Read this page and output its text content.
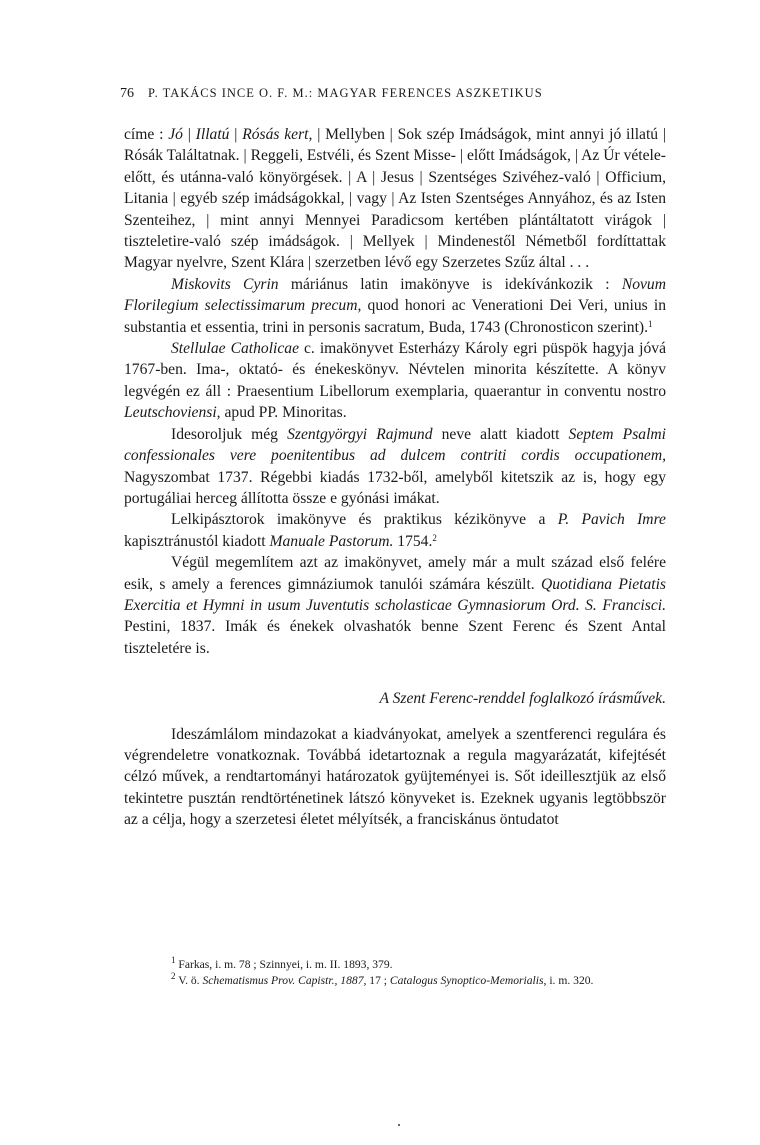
76 P. TAKÁCS INCE O. F. M.: MAGYAR FERENCES ASZKETIKUS

címe : Jó | Illatú | Rósás kert, | Mellyben | Sok szép Imádságok, mint annyi jó illatú | Rósák Találtatnak. | Reggeli, Estvéli, és Szent Misse- | előtt Imádságok, | Az Úr vétele-előtt, és utánna-való könyörgések. | A | Jesus | Szentséges Szivéhez-való | Officium, Litania | egyéb szép imádságokkal, | vagy | Az Isten Szentséges Annyához, és az Isten Szenteihez, | mint annyi Mennyei Paradicsom kertében plántáltatott virágok | tiszteletire-való szép imádságok. | Mellyek | Mindenestől Németből fordíttattak Magyar nyelvre, Szent Klára | szerzetben lévő egy Szerzetes Szűz által . . .

Miskovits Cyrin máriánus latin imakönyve is idekívánkozik : Novum Florilegium selectissimarum precum, quod honori ac Venerationi Dei Veri, unius in substantia et essentia, trini in personis sacratum, Buda, 1743 (Chronosticon szerint).$^1$

Stellulae Catholicae c. imakönyvet Esterházy Károly egri püspök hagyja jóvá 1767-ben. Ima-, oktató- és énekeskönyv. Névtelen minorita készítette. A könyv legvégén ez áll : Praesentium Libellorum exemplaria, quaerantur in conventu nostro Leutschoviensi, apud PP. Minoritas.

Idesoroljuk még Szentgyörgyi Rajmund neve alatt kiadott Septem Psalmi confessionales vere poenitentibus ad dulcem contriti cordis occupationem, Nagyszombat 1737. Régebbi kiadás 1732-ből, amelyből kitetszik az is, hogy egy portugáliai herceg állította össze e gyónási imákat.

Lelkipásztorok imakönyve és praktikus kézikönyve a P. Pavich Imre kapisztránustól kiadott Manuale Pastorum. 1754.$^2$

Végül megemlítem azt az imakönyvet, amely már a mult század első felére esik, s amely a ferences gimnáziumok tanulói számára készült. Quotidiana Pietatis Exercitia et Hymni in usum Juventutis scholasticae Gymnasiorum Ord. S. Francisci. Pestini, 1837. Imák és énekek olvashatók benne Szent Ferenc és Szent Antal tiszteletére is.

A Szent Ferenc-renddel foglalkozó írásművek.

Ideszámlálom mindazokat a kiadványokat, amelyek a szentferenci regulára és végrendeletre vonatkoznak. Továbbá idetartoznak a regula magyarázatát, kifejtését célzó művek, a rendtartományi határozatok gyüjteményei is. Sőt ideillesztjük az első tekintetre pusztán rendtörténetinek látszó könyveket is. Ezeknek ugyanis legtöbbször az a célja, hogy a szerzetesi életet mélyítsék, a franciskánus öntudatot

$^1$ Farkas, i. m. 78 ; Szinnyei, i. m. II. 1893, 379.

$^2$ V. ö. Schematismus Prov. Capistr., 1887, 17 ; Catalogus Synoptico-Memorialis, i. m. 320.
